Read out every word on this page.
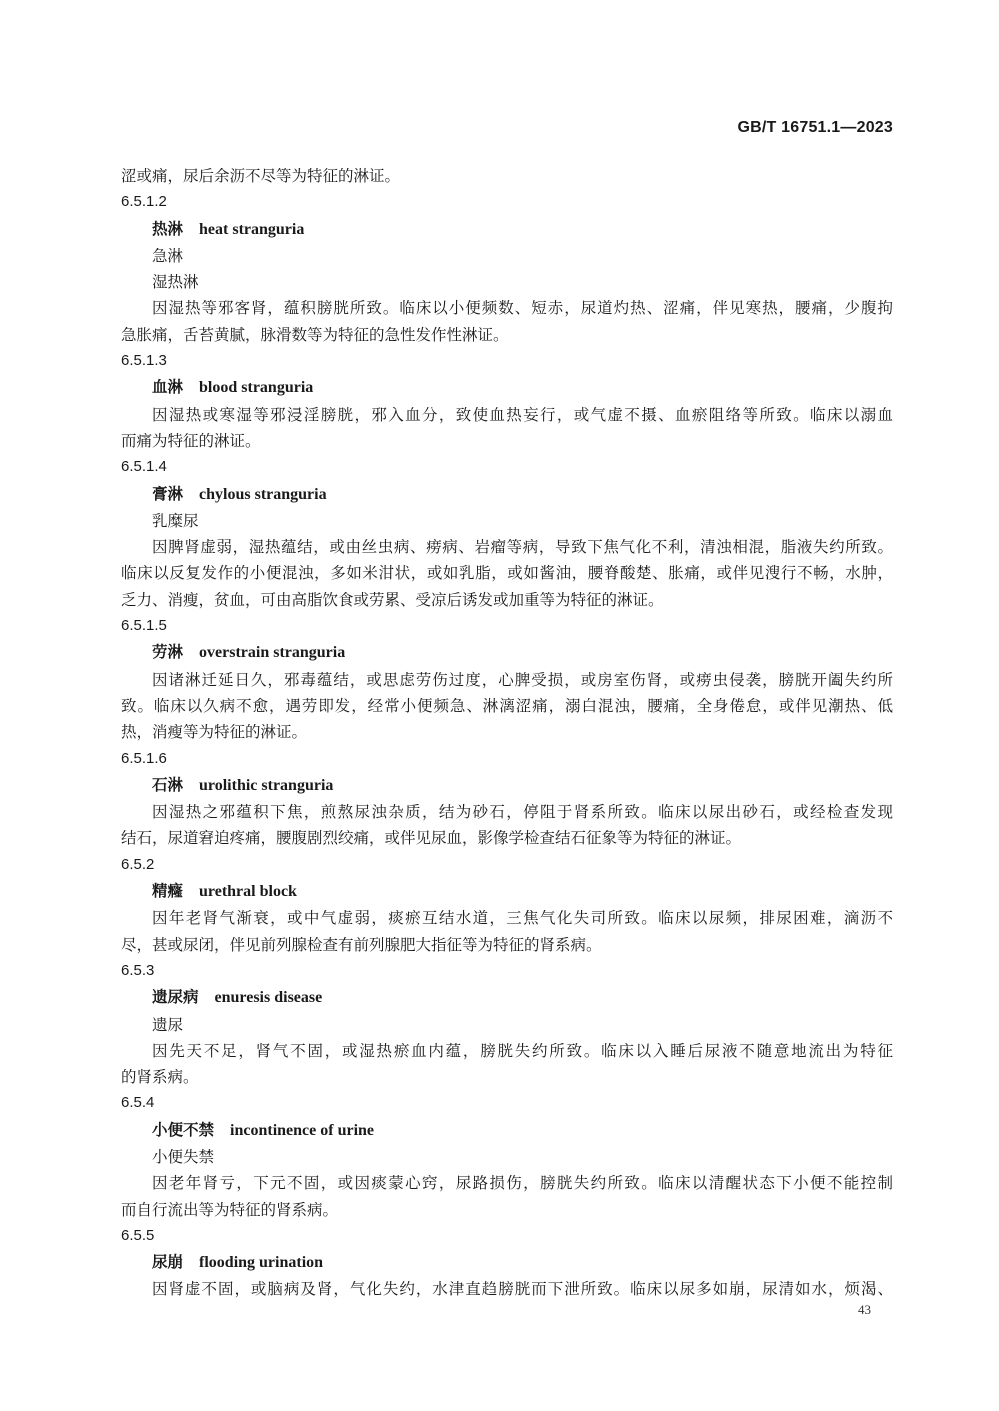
GB/T 16751.1—2023
涩或痛，尿后余沥不尽等为特征的淋证。
6.5.1.2
热淋 heat stranguria
急淋
湿热淋
因湿热等邪客肾，蕴积膀胱所致。临床以小便频数、短赤，尿道灼热、涩痛，伴见寒热，腰痛，少腹拘
急胀痛，舌苔黄腻，脉滑数等为特征的急性发作性淋证。
6.5.1.3
血淋 blood stranguria
因湿热或寒湿等邪浸淫膀胱，邪入血分，致使血热妄行，或气虚不摄、血瘀阻络等所致。临床以溺血
而痛为特征的淋证。
6.5.1.4
膏淋 chylous stranguria
乳糜尿
因脾肾虚弱，湿热蕴结，或由丝虫病、痨病、岩瘤等病，导致下焦气化不利，清浊相混，脂液失约所致。
临床以反复发作的小便混浊，多如米泔状，或如乳脂，或如酱油，腰脊酸楚、胀痛，或伴见溲行不畅，水肿，
乏力、消瘦，贫血，可由高脂饮食或劳累、受凉后诱发或加重等为特征的淋证。
6.5.1.5
劳淋 overstrain stranguria
因诸淋迁延日久，邪毒蕴结，或思虑劳伤过度，心脾受损，或房室伤肾，或痨虫侵袭，膀胱开阖失约所
致。临床以久病不愈，遇劳即发，经常小便频急、淋漓涩痛，溺白混浊，腰痛，全身倦怠，或伴见潮热、低
热，消瘦等为特征的淋证。
6.5.1.6
石淋 urolithic stranguria
因湿热之邪蕴积下焦，煎熬尿浊杂质，结为砂石，停阻于肾系所致。临床以尿出砂石，或经检查发现
结石，尿道窘迫疼痛，腰腹剧烈绞痛，或伴见尿血，影像学检查结石征象等为特征的淋证。
6.5.2
精癃 urethral block
因年老肾气渐衰，或中气虚弱，痰瘀互结水道，三焦气化失司所致。临床以尿频，排尿困难，滴沥不
尽，甚或尿闭，伴见前列腺检查有前列腺肥大指征等为特征的肾系病。
6.5.3
遗尿病 enuresis disease
遗尿
因先天不足，肾气不固，或湿热瘀血内蕴，膀胱失约所致。临床以入睡后尿液不随意地流出为特征
的肾系病。
6.5.4
小便不禁 incontinence of urine
小便失禁
因老年肾亏，下元不固，或因痰蒙心窍，尿路损伤，膀胱失约所致。临床以清醒状态下小便不能控制
而自行流出等为特征的肾系病。
6.5.5
尿崩 flooding urination
因肾虚不固，或脑病及肾，气化失约，水津直趋膀胱而下泄所致。临床以尿多如崩，尿清如水，烦渴、
43
